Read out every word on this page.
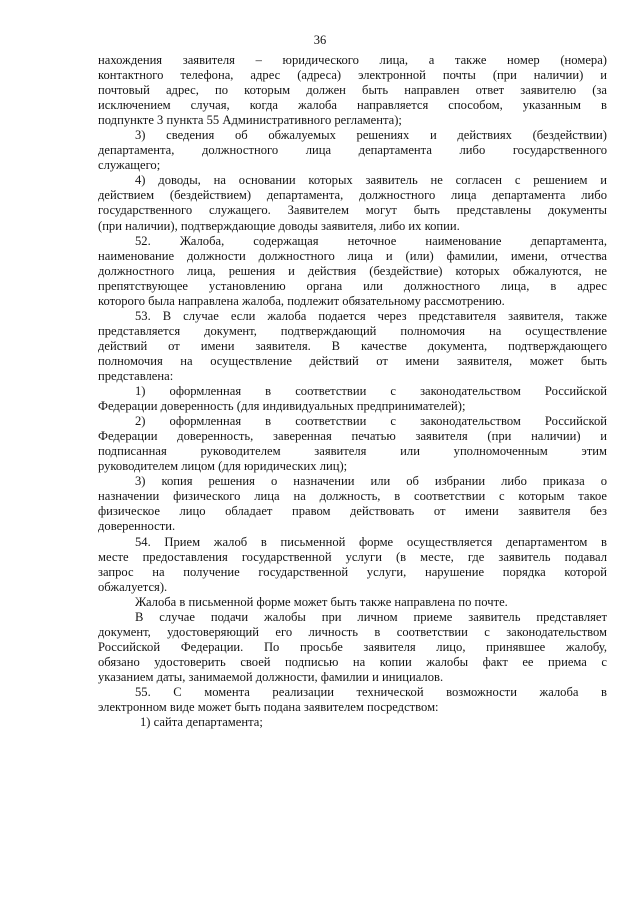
36
нахождения заявителя – юридического лица, а также номер (номера)
контактного телефона, адрес (адреса) электронной почты (при наличии) и
почтовый адрес, по которым должен быть направлен ответ заявителю (за
исключением случая, когда жалоба направляется способом, указанным в
подпункте 3 пункта 55 Административного регламента);
3) сведения об обжалуемых решениях и действиях (бездействии)
департамента, должностного лица департамента либо государственного
служащего;
4) доводы, на основании которых заявитель не согласен с решением и
действием (бездействием) департамента, должностного лица департамента либо
государственного служащего. Заявителем могут быть представлены документы
(при наличии), подтверждающие доводы заявителя, либо их копии.
52. Жалоба, содержащая неточное наименование департамента,
наименование должности должностного лица и (или) фамилии, имени, отчества
должностного лица, решения и действия (бездействие) которых обжалуются, не
препятствующее установлению органа или должностного лица, в адрес
которого была направлена жалоба, подлежит обязательному рассмотрению.
53. В случае если жалоба подается через представителя заявителя, также
представляется документ, подтверждающий полномочия на осуществление
действий от имени заявителя. В качестве документа, подтверждающего
полномочия на осуществление действий от имени заявителя, может быть
представлена:
1) оформленная в соответствии с законодательством Российской
Федерации доверенность (для индивидуальных предпринимателей);
2) оформленная в соответствии с законодательством Российской
Федерации доверенность, заверенная печатью заявителя (при наличии) и
подписанная руководителем заявителя или уполномоченным этим
руководителем лицом (для юридических лиц);
3) копия решения о назначении или об избрании либо приказа о
назначении физического лица на должность, в соответствии с которым такое
физическое лицо обладает правом действовать от имени заявителя без
доверенности.
54. Прием жалоб в письменной форме осуществляется департаментом в
месте предоставления государственной услуги (в месте, где заявитель подавал
запрос на получение государственной услуги, нарушение порядка которой
обжалуется).
Жалоба в письменной форме может быть также направлена по почте.
В случае подачи жалобы при личном приеме заявитель представляет
документ, удостоверяющий его личность в соответствии с законодательством
Российской Федерации. По просьбе заявителя лицо, принявшее жалобу,
обязано удостоверить своей подписью на копии жалобы факт ее приема с
указанием даты, занимаемой должности, фамилии и инициалов.
55. С момента реализации технической возможности жалоба в
электронном виде может быть подана заявителем посредством:
1) сайта департамента;
